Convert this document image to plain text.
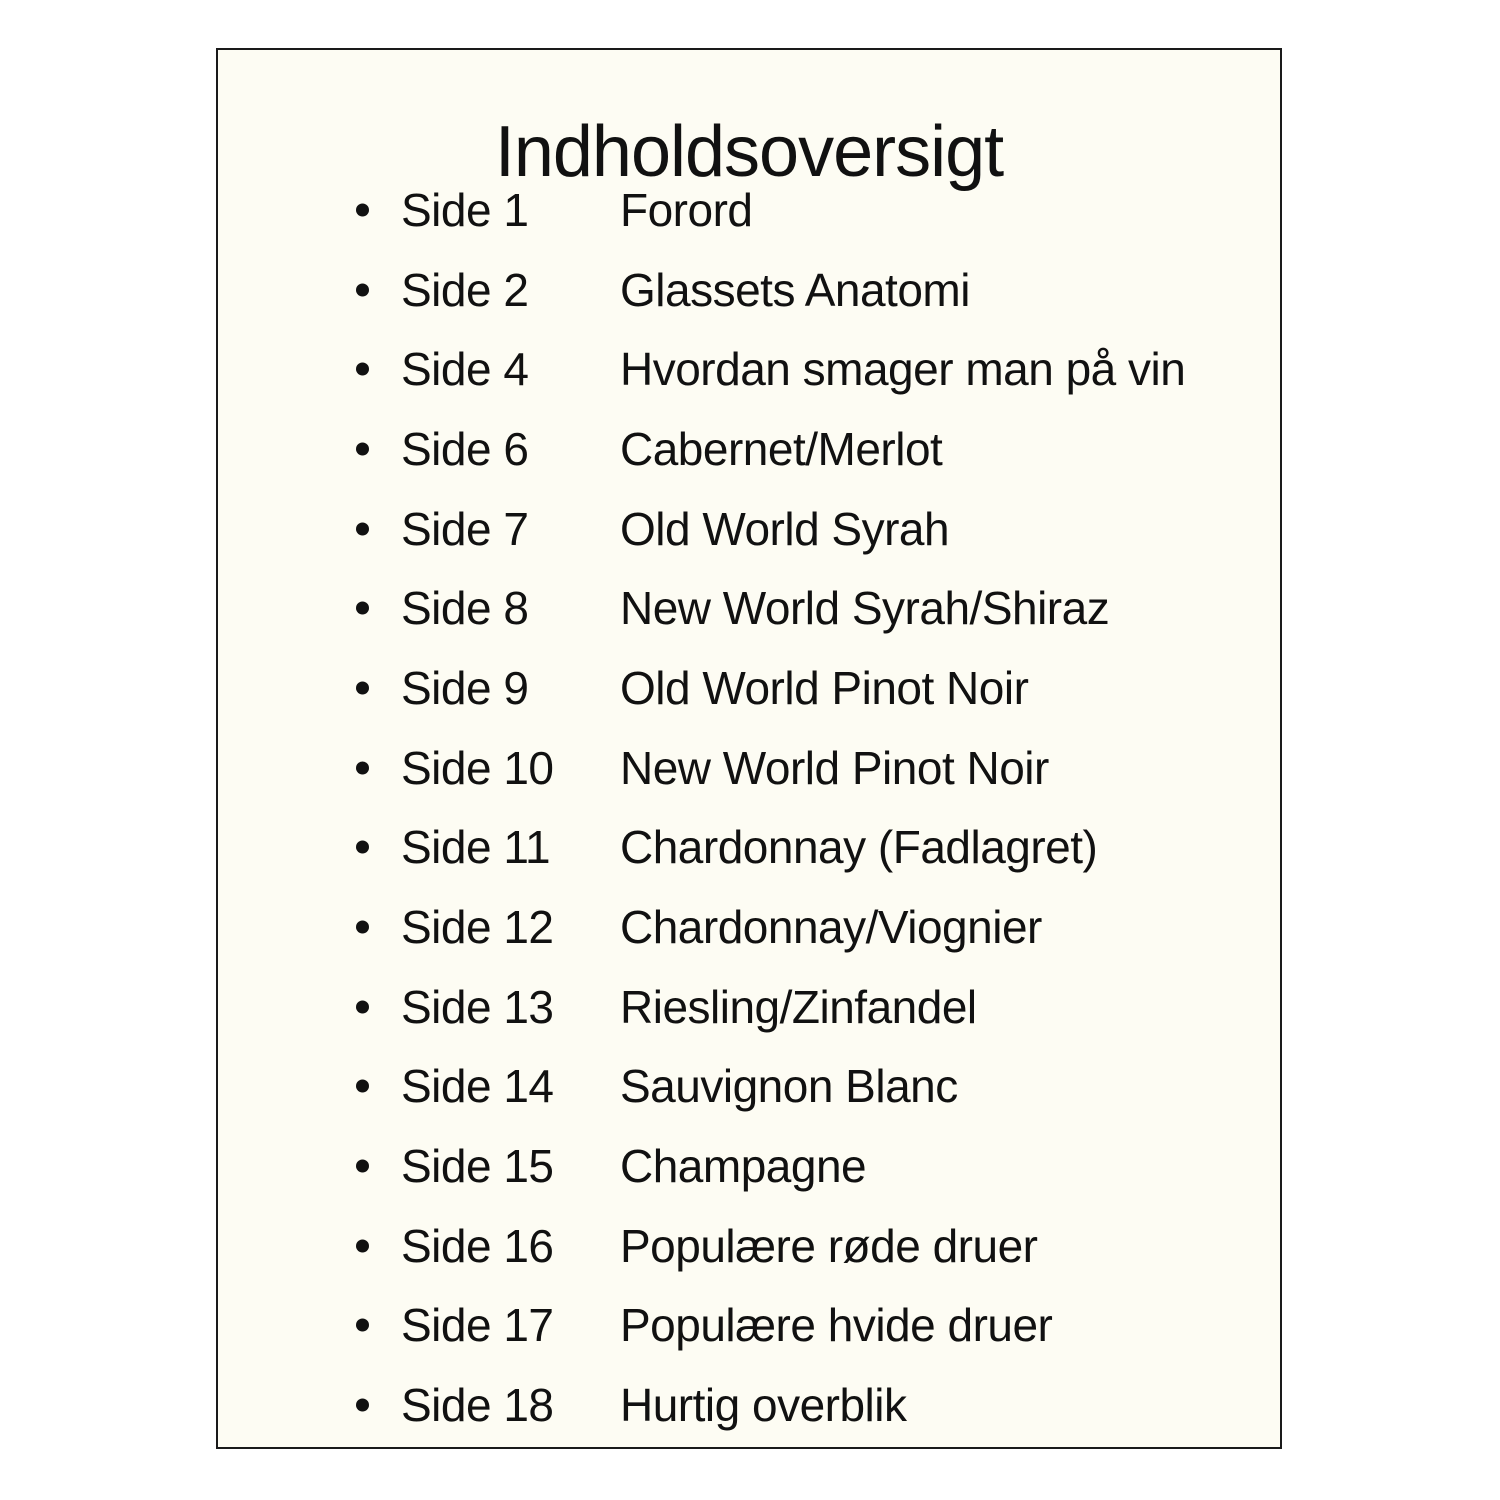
Indholdsoversigt
Side 1 Forord
Side 2 Glassets Anatomi
Side 4 Hvordan smager man på vin
Side 6 Cabernet/Merlot
Side 7 Old World Syrah
Side 8 New World Syrah/Shiraz
Side 9 Old World Pinot Noir
Side 10 New World Pinot Noir
Side 11 Chardonnay (Fadlagret)
Side 12 Chardonnay/Viognier
Side 13 Riesling/Zinfandel
Side 14 Sauvignon Blanc
Side 15 Champagne
Side 16 Populære røde druer
Side 17 Populære hvide druer
Side 18 Hurtig overblik
